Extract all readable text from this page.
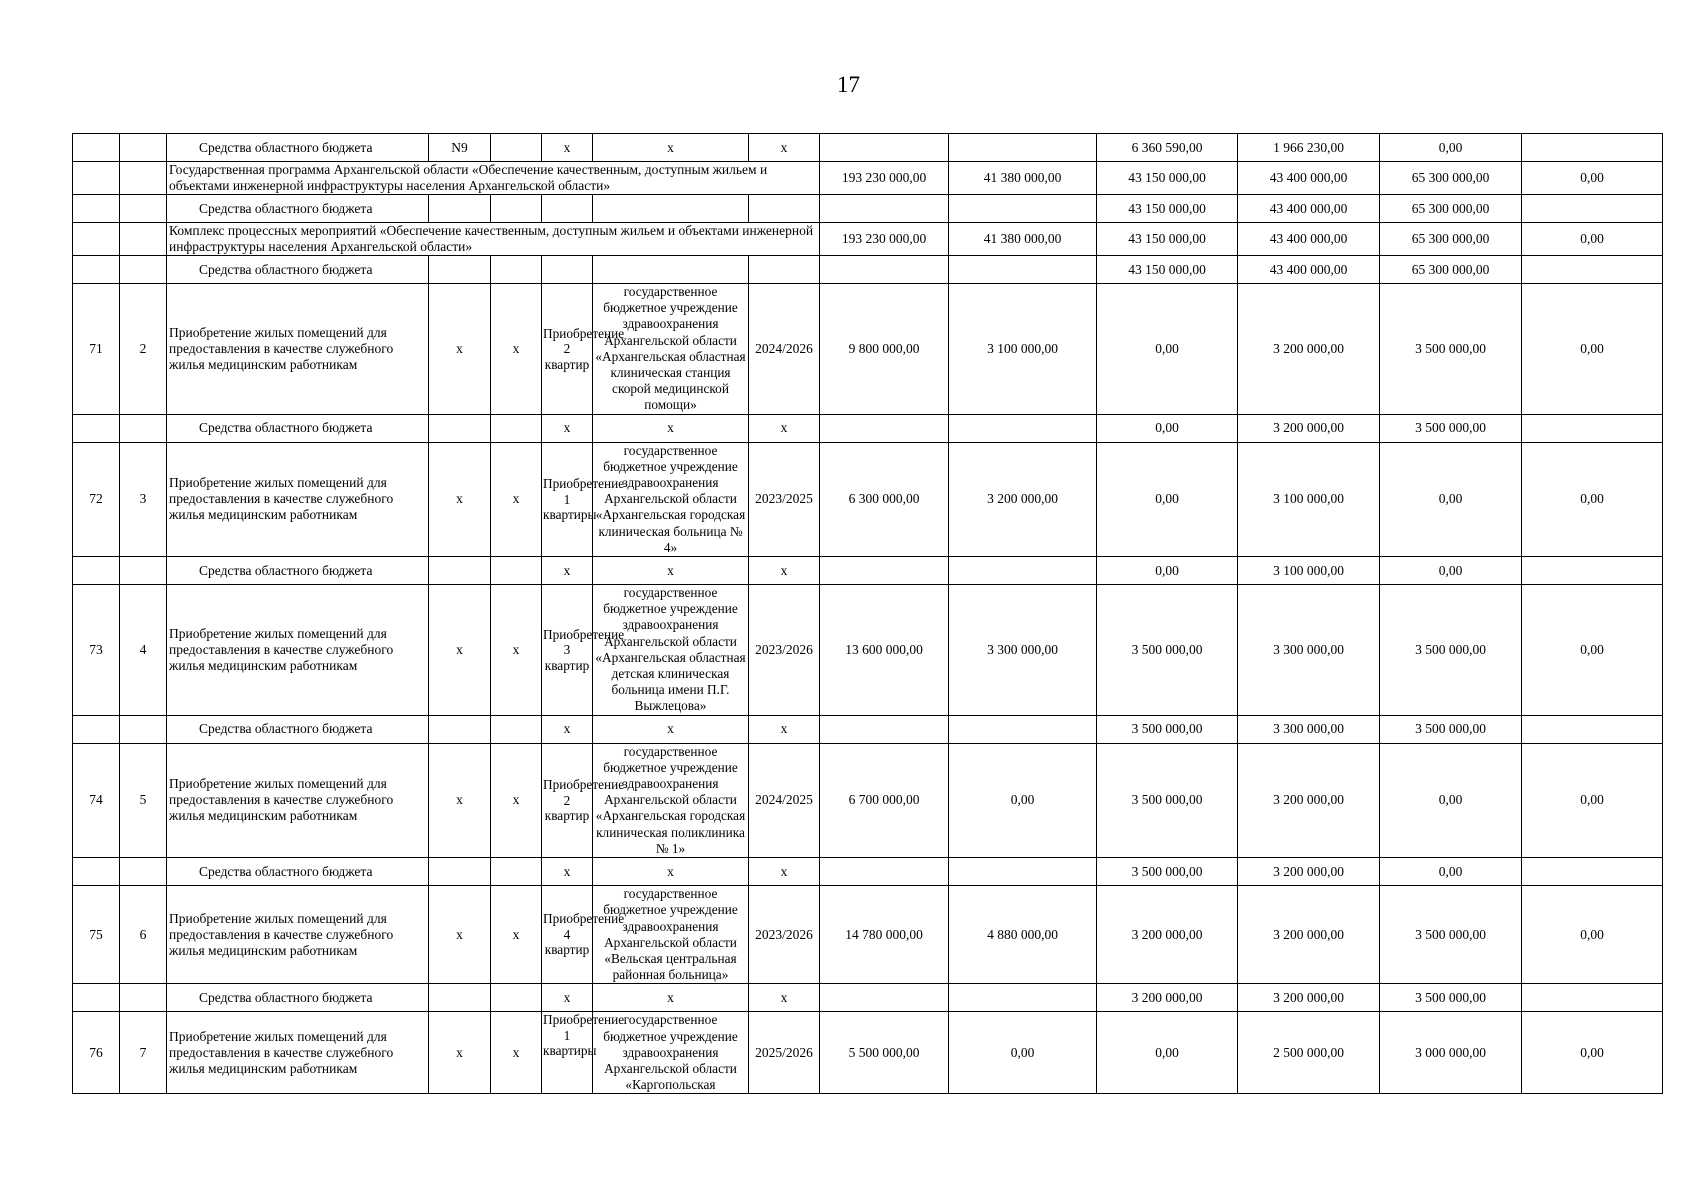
17
		Средства областного бюджета	N9		x	x	x			6 360 590,00	1 966 230,00	0,00	
		Государственная программа Архангельской области «Обеспечение качественным, доступным жильем и объектами инженерной инфраструктуры населения Архангельской области»						193 230 000,00	41 380 000,00	43 150 000,00	43 400 000,00	65 300 000,00	0,00
		Средства областного бюджета								43 150 000,00	43 400 000,00	65 300 000,00	
		Комплекс процессных мероприятий «Обеспечение качественным, доступным жильем и объектами инженерной инфраструктуры населения Архангельской области»						193 230 000,00	41 380 000,00	43 150 000,00	43 400 000,00	65 300 000,00	0,00
		Средства областного бюджета								43 150 000,00	43 400 000,00	65 300 000,00	
71	2	Приобретение жилых помещений для предоставления в качестве служебного жилья медицинским работникам	x	x	Приобретение 2 квартир	государственное бюджетное учреждение здравоохранения Архангельской области «Архангельская областная клиническая станция скорой медицинской помощи»	2024/2026	9 800 000,00	3 100 000,00	0,00	3 200 000,00	3 500 000,00	0,00
		Средства областного бюджета			x	x	x			0,00	3 200 000,00	3 500 000,00	
72	3	Приобретение жилых помещений для предоставления в качестве служебного жилья медицинским работникам	x	x	Приобретение 1 квартиры	государственное бюджетное учреждение здравоохранения Архангельской области «Архангельская городская клиническая больница № 4»	2023/2025	6 300 000,00	3 200 000,00	0,00	3 100 000,00	0,00	0,00
		Средства областного бюджета			x	x	x			0,00	3 100 000,00	0,00	
73	4	Приобретение жилых помещений для предоставления в качестве служебного жилья медицинским работникам	x	x	Приобретение 3 квартир	государственное бюджетное учреждение здравоохранения Архангельской области «Архангельская областная детская клиническая больница имени П.Г. Выжлецова»	2023/2026	13 600 000,00	3 300 000,00	3 500 000,00	3 300 000,00	3 500 000,00	0,00
		Средства областного бюджета			x	x	x			3 500 000,00	3 300 000,00	3 500 000,00	
74	5	Приобретение жилых помещений для предоставления в качестве служебного жилья медицинским работникам	x	x	Приобретение 2 квартир	государственное бюджетное учреждение здравоохранения Архангельской области «Архангельская городская клиническая поликлиника № 1»	2024/2025	6 700 000,00	0,00	3 500 000,00	3 200 000,00	0,00	0,00
		Средства областного бюджета			x	x	x			3 500 000,00	3 200 000,00	0,00	
75	6	Приобретение жилых помещений для предоставления в качестве служебного жилья медицинским работникам	x	x	Приобретение 4 квартир	государственное бюджетное учреждение здравоохранения Архангельской области «Вельская центральная районная больница»	2023/2026	14 780 000,00	4 880 000,00	3 200 000,00	3 200 000,00	3 500 000,00	0,00
		Средства областного бюджета			x	x	x			3 200 000,00	3 200 000,00	3 500 000,00	
76	7	Приобретение жилых помещений для предоставления в качестве служебного жилья медицинским работникам	x	x	Приобретение 1 квартиры	государственное бюджетное учреждение здравоохранения Архангельской области «Каргопольская	2025/2026	5 500 000,00	0,00	0,00	2 500 000,00	3 000 000,00	0,00
